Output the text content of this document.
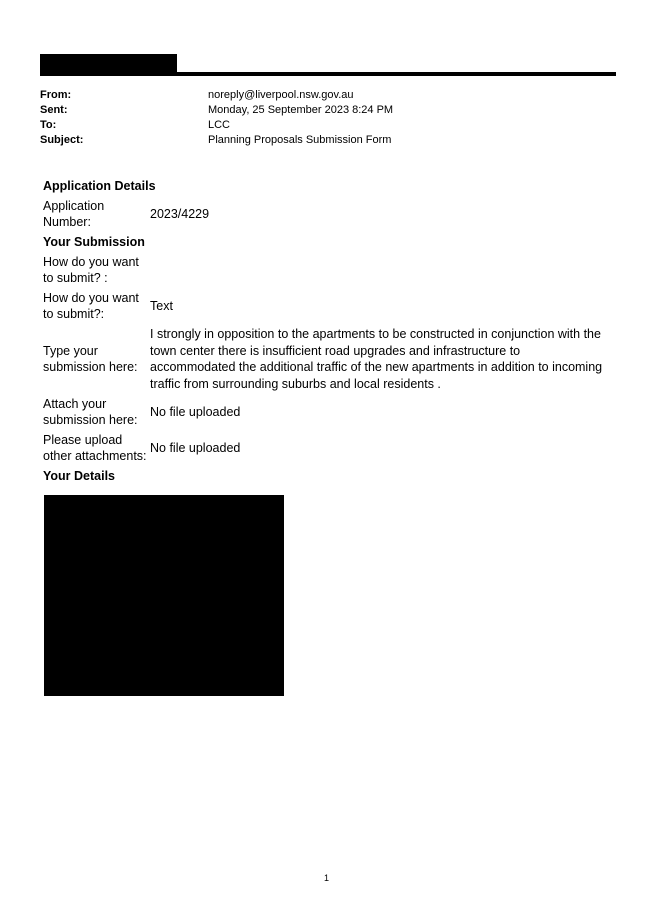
From:	noreply@liverpool.nsw.gov.au
Sent:	Monday, 25 September 2023 8:24 PM
To:	LCC
Subject:	Planning Proposals Submission Form
Application Details
Application Number:
2023/4229
Your Submission
How do you want to submit? :
How do you want to submit?:
Text
Type your submission here:
I strongly in opposition to the apartments to be constructed in conjunction with the town center there is insufficient road upgrades and infrastructure to accommodated the additional traffic of the new apartments in addition to incoming traffic from surrounding suburbs and local residents .
Attach your submission here:
No file uploaded
Please upload other attachments:
No file uploaded
Your Details
1
